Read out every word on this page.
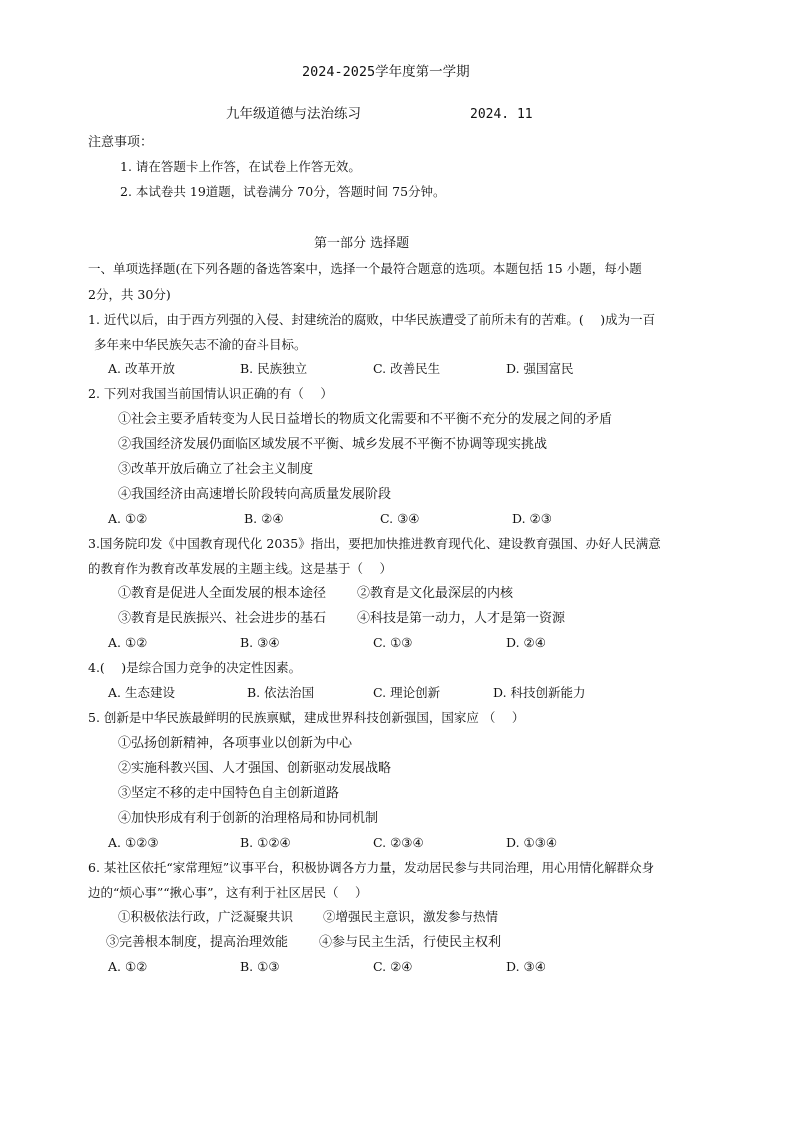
2024-2025学年度第一学期
九年级道德与法治练习	2024. 11
注意事项：
1. 请在答题卡上作答，在试卷上作答无效。
2. 本试卷共 19道题，试卷满分 70分，答题时间 75分钟。
第一部分 选择题
一、单项选择题(在下列各题的备选答案中，选择一个最符合题意的选项。本题包括 15 小题，每小题
2分，共 30分)
1. 近代以后，由于西方列强的入侵、封建统治的腐败，中华民族遭受了前所未有的苦难。(　 )成为一百
多年来中华民族矢志不渝的奋斗目标。
A. 改革开放	B. 民族独立	C. 改善民生	D. 强国富民
2. 下列对我国当前国情认识正确的有（　 ）
①社会主要矛盾转变为人民日益增长的物质文化需要和不平衡不充分的发展之间的矛盾
②我国经济发展仍面临区域发展不平衡、城乡发展不平衡不协调等现实挑战
③改革开放后确立了社会主义制度
④我国经济由高速增长阶段转向高质量发展阶段
A. ①②	B. ②④	C. ③④	D. ②③
3.国务院印发《中国教育现代化 2035》指出，要把加快推进教育现代化、建设教育强国、办好人民满意
的教育作为教育改革发展的主题主线。这是基于（　 ）
①教育是促进人全面发展的根本途径 ②教育是文化最深层的内核
③教育是民族振兴、社会进步的基石 ④科技是第一动力，人才是第一资源
A. ①②	B. ③④	C. ①③	D. ②④
4.(　 )是综合国力竞争的决定性因素。
A. 生态建设	B. 依法治国	C. 理论创新	D. 科技创新能力
5. 创新是中华民族最鲜明的民族禀赋，建成世界科技创新强国，国家应 （　 ）
①弘扬创新精神，各项事业以创新为中心
②实施科教兴国、人才强国、创新驱动发展战略
③坚定不移的走中国特色自主创新道路
④加快形成有利于创新的治理格局和协同机制
A. ①②③	B. ①②④	C. ②③④	D. ①③④
6. 某社区依托“家常理短”议事平台，积极协调各方力量，发动居民参与共同治理，用心用情化解群众身
边的“烦心事”“揪心事”，这有利于社区居民（　 ）
①积极依法行政，广泛凝聚共识 ②增强民主意识，激发参与热情
③完善根本制度，提高治理效能 ④参与民主生活，行使民主权利
A. ①②	B. ①③	C. ②④	D. ③④
